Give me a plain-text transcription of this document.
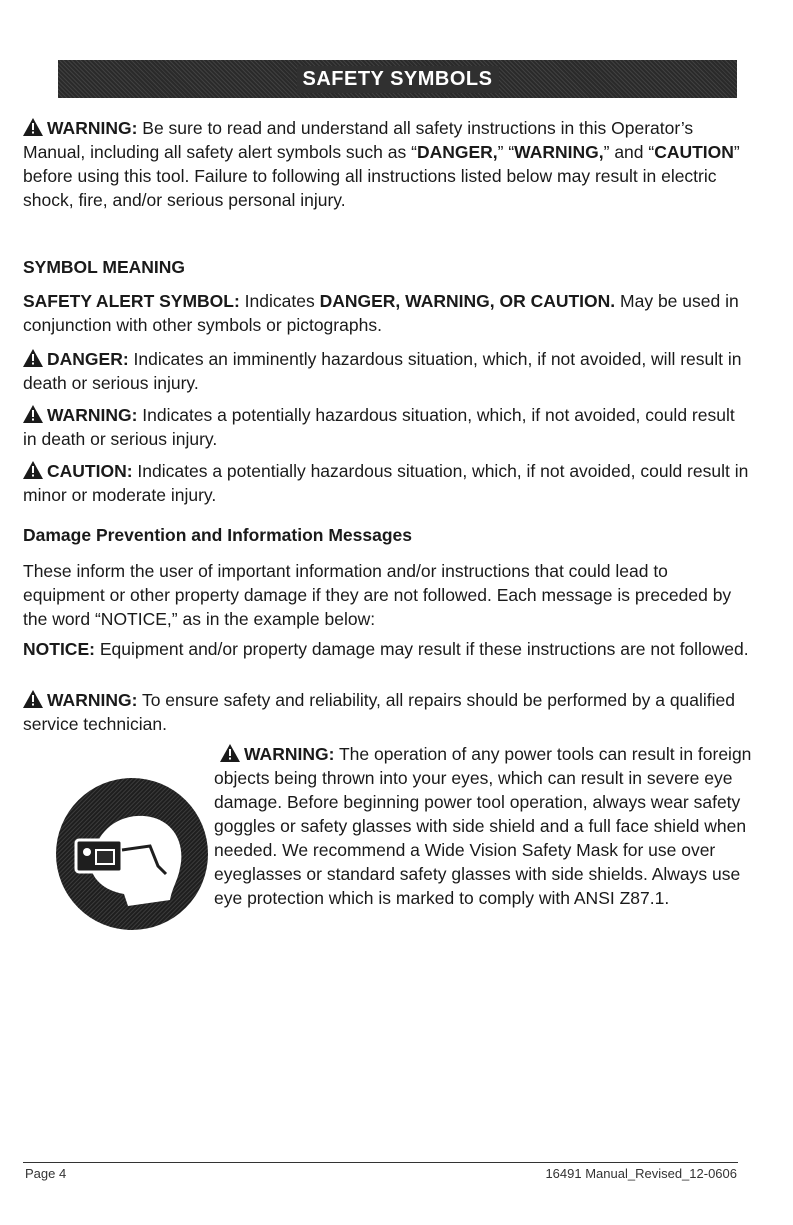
SAFETY SYMBOLS

WARNING: Be sure to read and understand all safety instructions in this Operator’s Manual, including all safety alert symbols such as “DANGER,” “WARNING,” and “CAUTION” before using this tool. Failure to following all instructions listed below may result in electric shock, fire, and/or serious personal injury.

SYMBOL MEANING

SAFETY ALERT SYMBOL: Indicates DANGER, WARNING, OR CAUTION. May be used in conjunction with other symbols or pictographs.

DANGER: Indicates an imminently hazardous situation, which, if not avoided, will result in death or serious injury.

WARNING: Indicates a potentially hazardous situation, which, if not avoided, could result in death or serious injury.

CAUTION: Indicates a potentially hazardous situation, which, if not avoided, could result in minor or moderate injury.

Damage Prevention and Information Messages

These inform the user of important information and/or instructions that could lead to equipment or other property damage if they are not followed. Each message is preceded by the word “NOTICE,” as in the example below:

NOTICE: Equipment and/or property damage may result if these instructions are not followed.

WARNING: To ensure safety and reliability, all repairs should be performed by a qualified service technician.

WARNING: The operation of any power tools can result in foreign objects being thrown into your eyes, which can result in severe eye damage. Before beginning power tool operation, always wear safety goggles or safety glasses with side shield and a full face shield when needed. We recommend a Wide Vision Safety Mask for use over eyeglasses or standard safety glasses with side shields. Always use eye protection which is marked to comply with ANSI Z87.1.

Page 4	16491 Manual_Revised_12-0606
